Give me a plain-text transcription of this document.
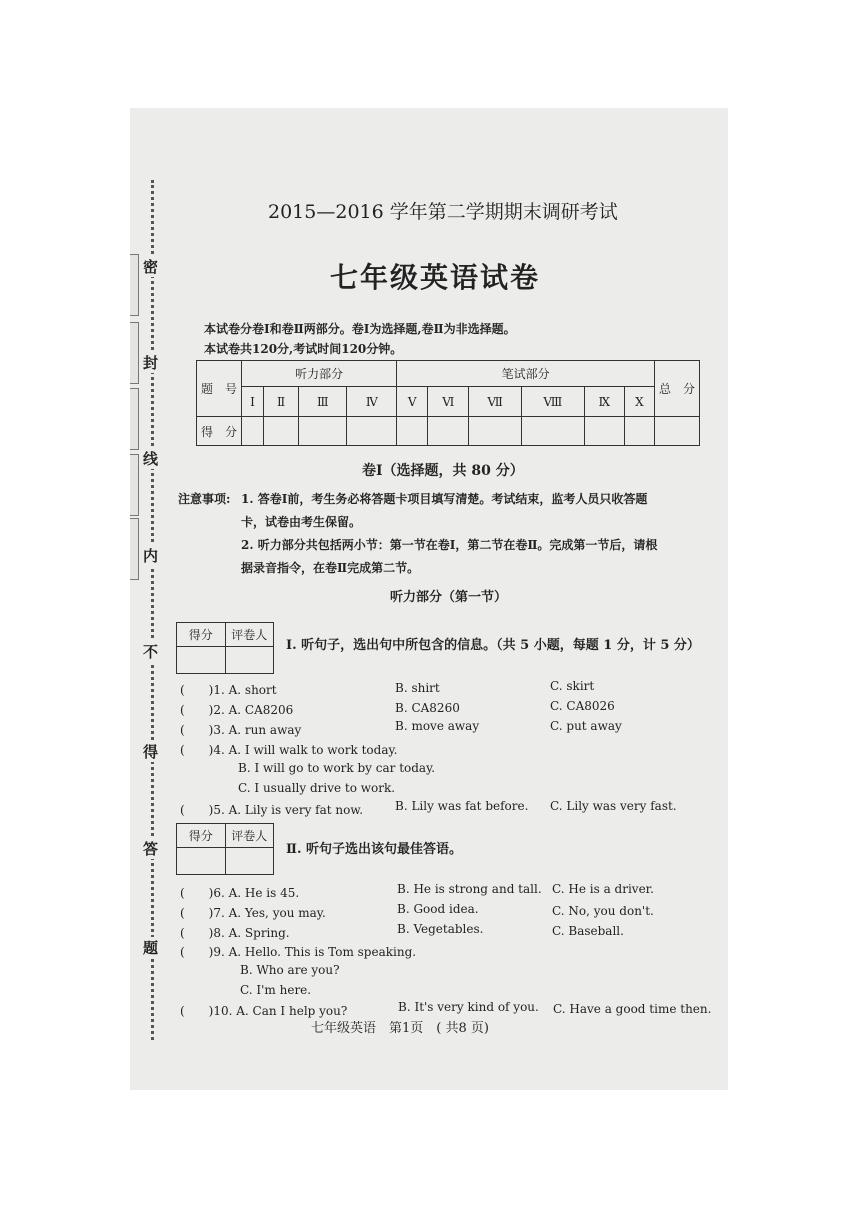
密
封
线
内
不
得
答
题
2015—2016 学年第二学期期末调研考试
七年级英语试卷
本试卷分卷Ⅰ和卷Ⅱ两部分。卷Ⅰ为选择题,卷Ⅱ为非选择题。
本试卷共120分,考试时间120分钟。
题　号	听力部分				笔试部分						总　分
	Ⅰ	Ⅱ	Ⅲ	Ⅳ	Ⅴ	Ⅵ	Ⅶ	Ⅷ	Ⅸ	Ⅹ	
得　分											
卷Ⅰ（选择题，共 80 分）
注意事项: 1. 答卷Ⅰ前，考生务必将答题卡项目填写清楚。考试结束，监考人员只收答题
卡，试卷由考生保留。
2. 听力部分共包括两小节：第一节在卷Ⅰ，第二节在卷Ⅱ。完成第一节后，请根
据录音指令，在卷Ⅱ完成第二节。
听力部分（第一节）
得分	评卷人

Ⅰ. 听句子，选出句中所包含的信息。（共 5 小题，每题 1 分，计 5 分）
(　　)1. A. short	B. shirt	C. skirt
(　　)2. A. CA8206	B. CA8260	C. CA8026
(　　)3. A. run away	B. move away	C. put away
(　　)4. A. I will walk to work today.
B. I will go to work by car today.
C. I usually drive to work.
(　　)5. A. Lily is very fat now.	B. Lily was fat before. C. Lily was very fast.
得分	评卷人

Ⅱ. 听句子选出该句最佳答语。
(　　)6. A. He is 45.	B. He is strong and tall. C. He is a driver.
(　　)7. A. Yes, you may.	B. Good idea.	C. No, you don't.
(　　)8. A. Spring.	B. Vegetables.	C. Baseball.
(　　)9. A. Hello. This is Tom speaking.
B. Who are you?
C. I'm here.
(　　)10. A. Can I help you?	B. It's very kind of you. C. Have a good time then.
七年级英语　第1页　( 共8 页)
